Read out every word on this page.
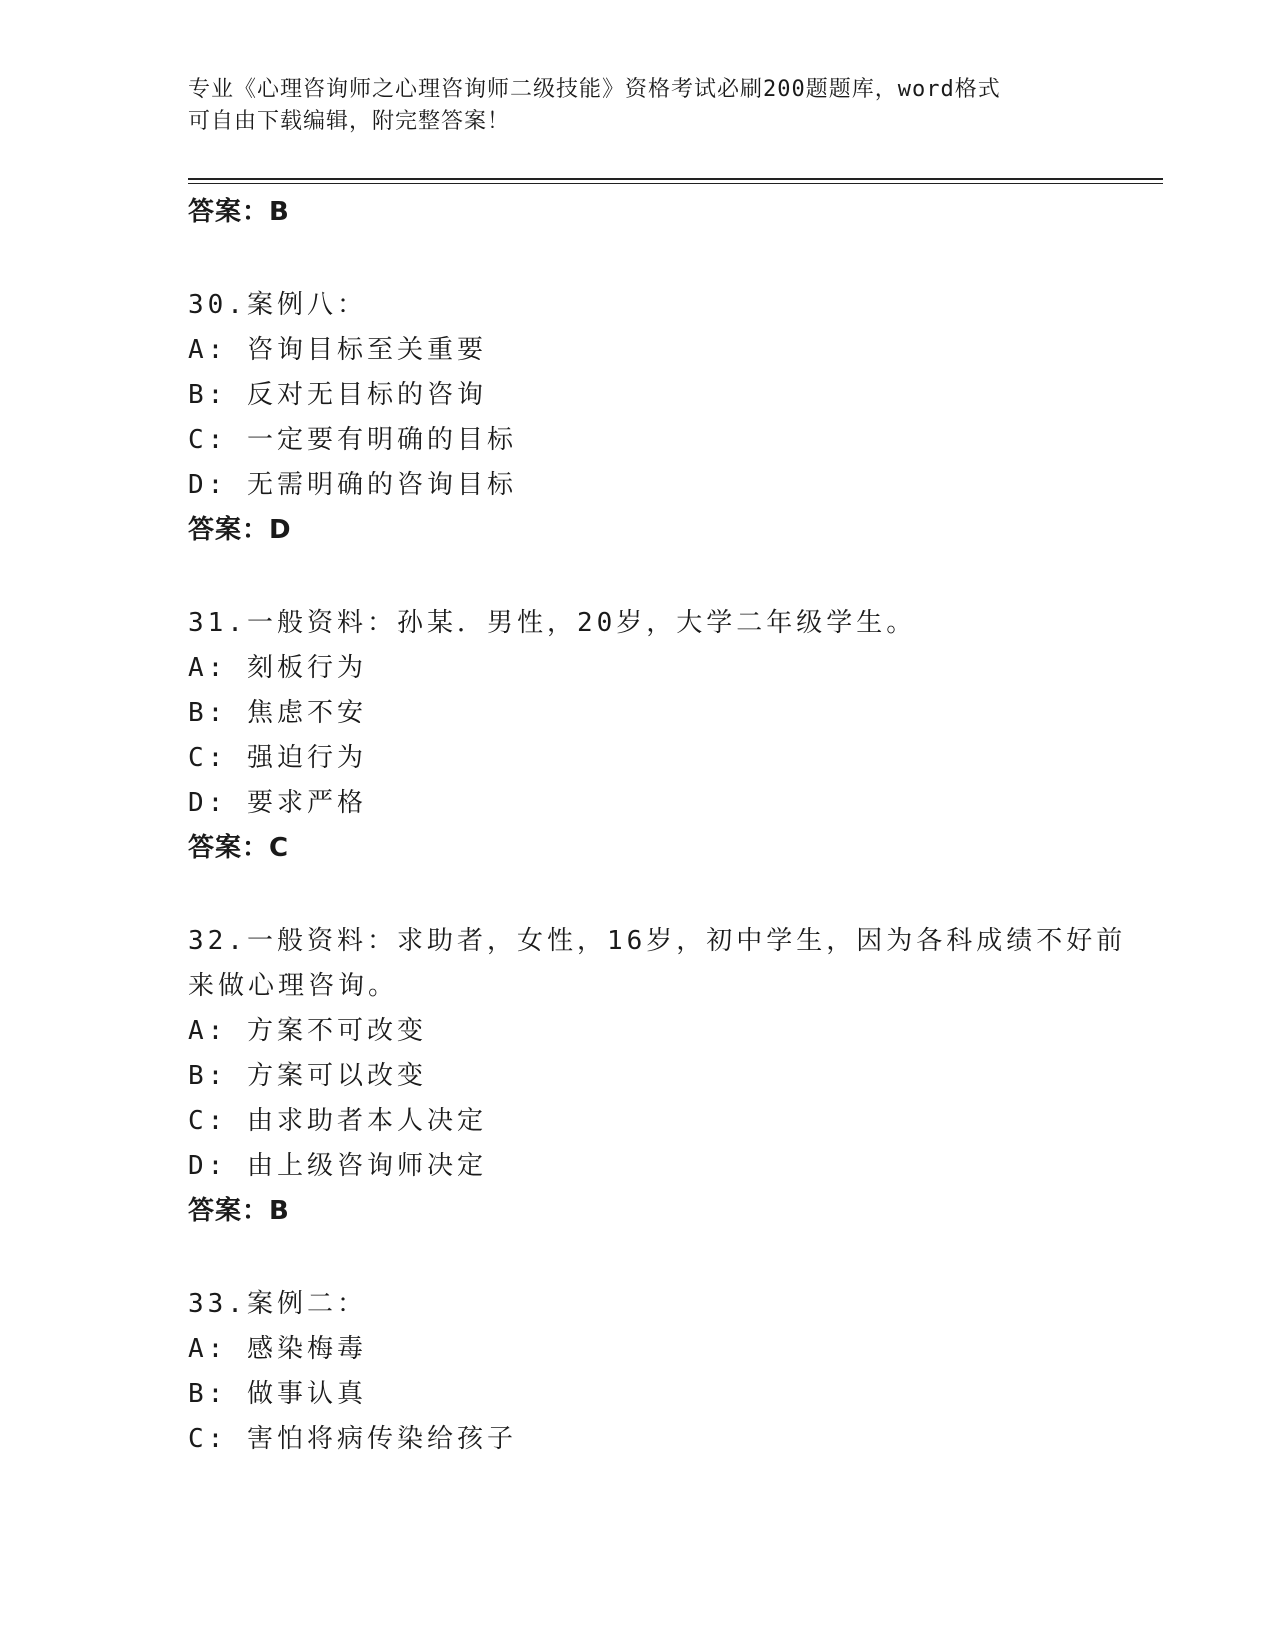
专业《心理咨询师之心理咨询师二级技能》资格考试必刷200题题库，word格式
可自由下载编辑，附完整答案！
答案：B
30.案例八：
A: 咨询目标至关重要
B: 反对无目标的咨询
C: 一定要有明确的目标
D: 无需明确的咨询目标
答案：D
31.一般资料：孙某．男性，20岁，大学二年级学生。
A: 刻板行为
B: 焦虑不安
C: 强迫行为
D: 要求严格
答案：C
32.一般资料：求助者，女性，16岁，初中学生，因为各科成绩不好前
来做心理咨询。
A: 方案不可改变
B: 方案可以改变
C: 由求助者本人决定
D: 由上级咨询师决定
答案：B
33.案例二：
A: 感染梅毒
B: 做事认真
C: 害怕将病传染给孩子
